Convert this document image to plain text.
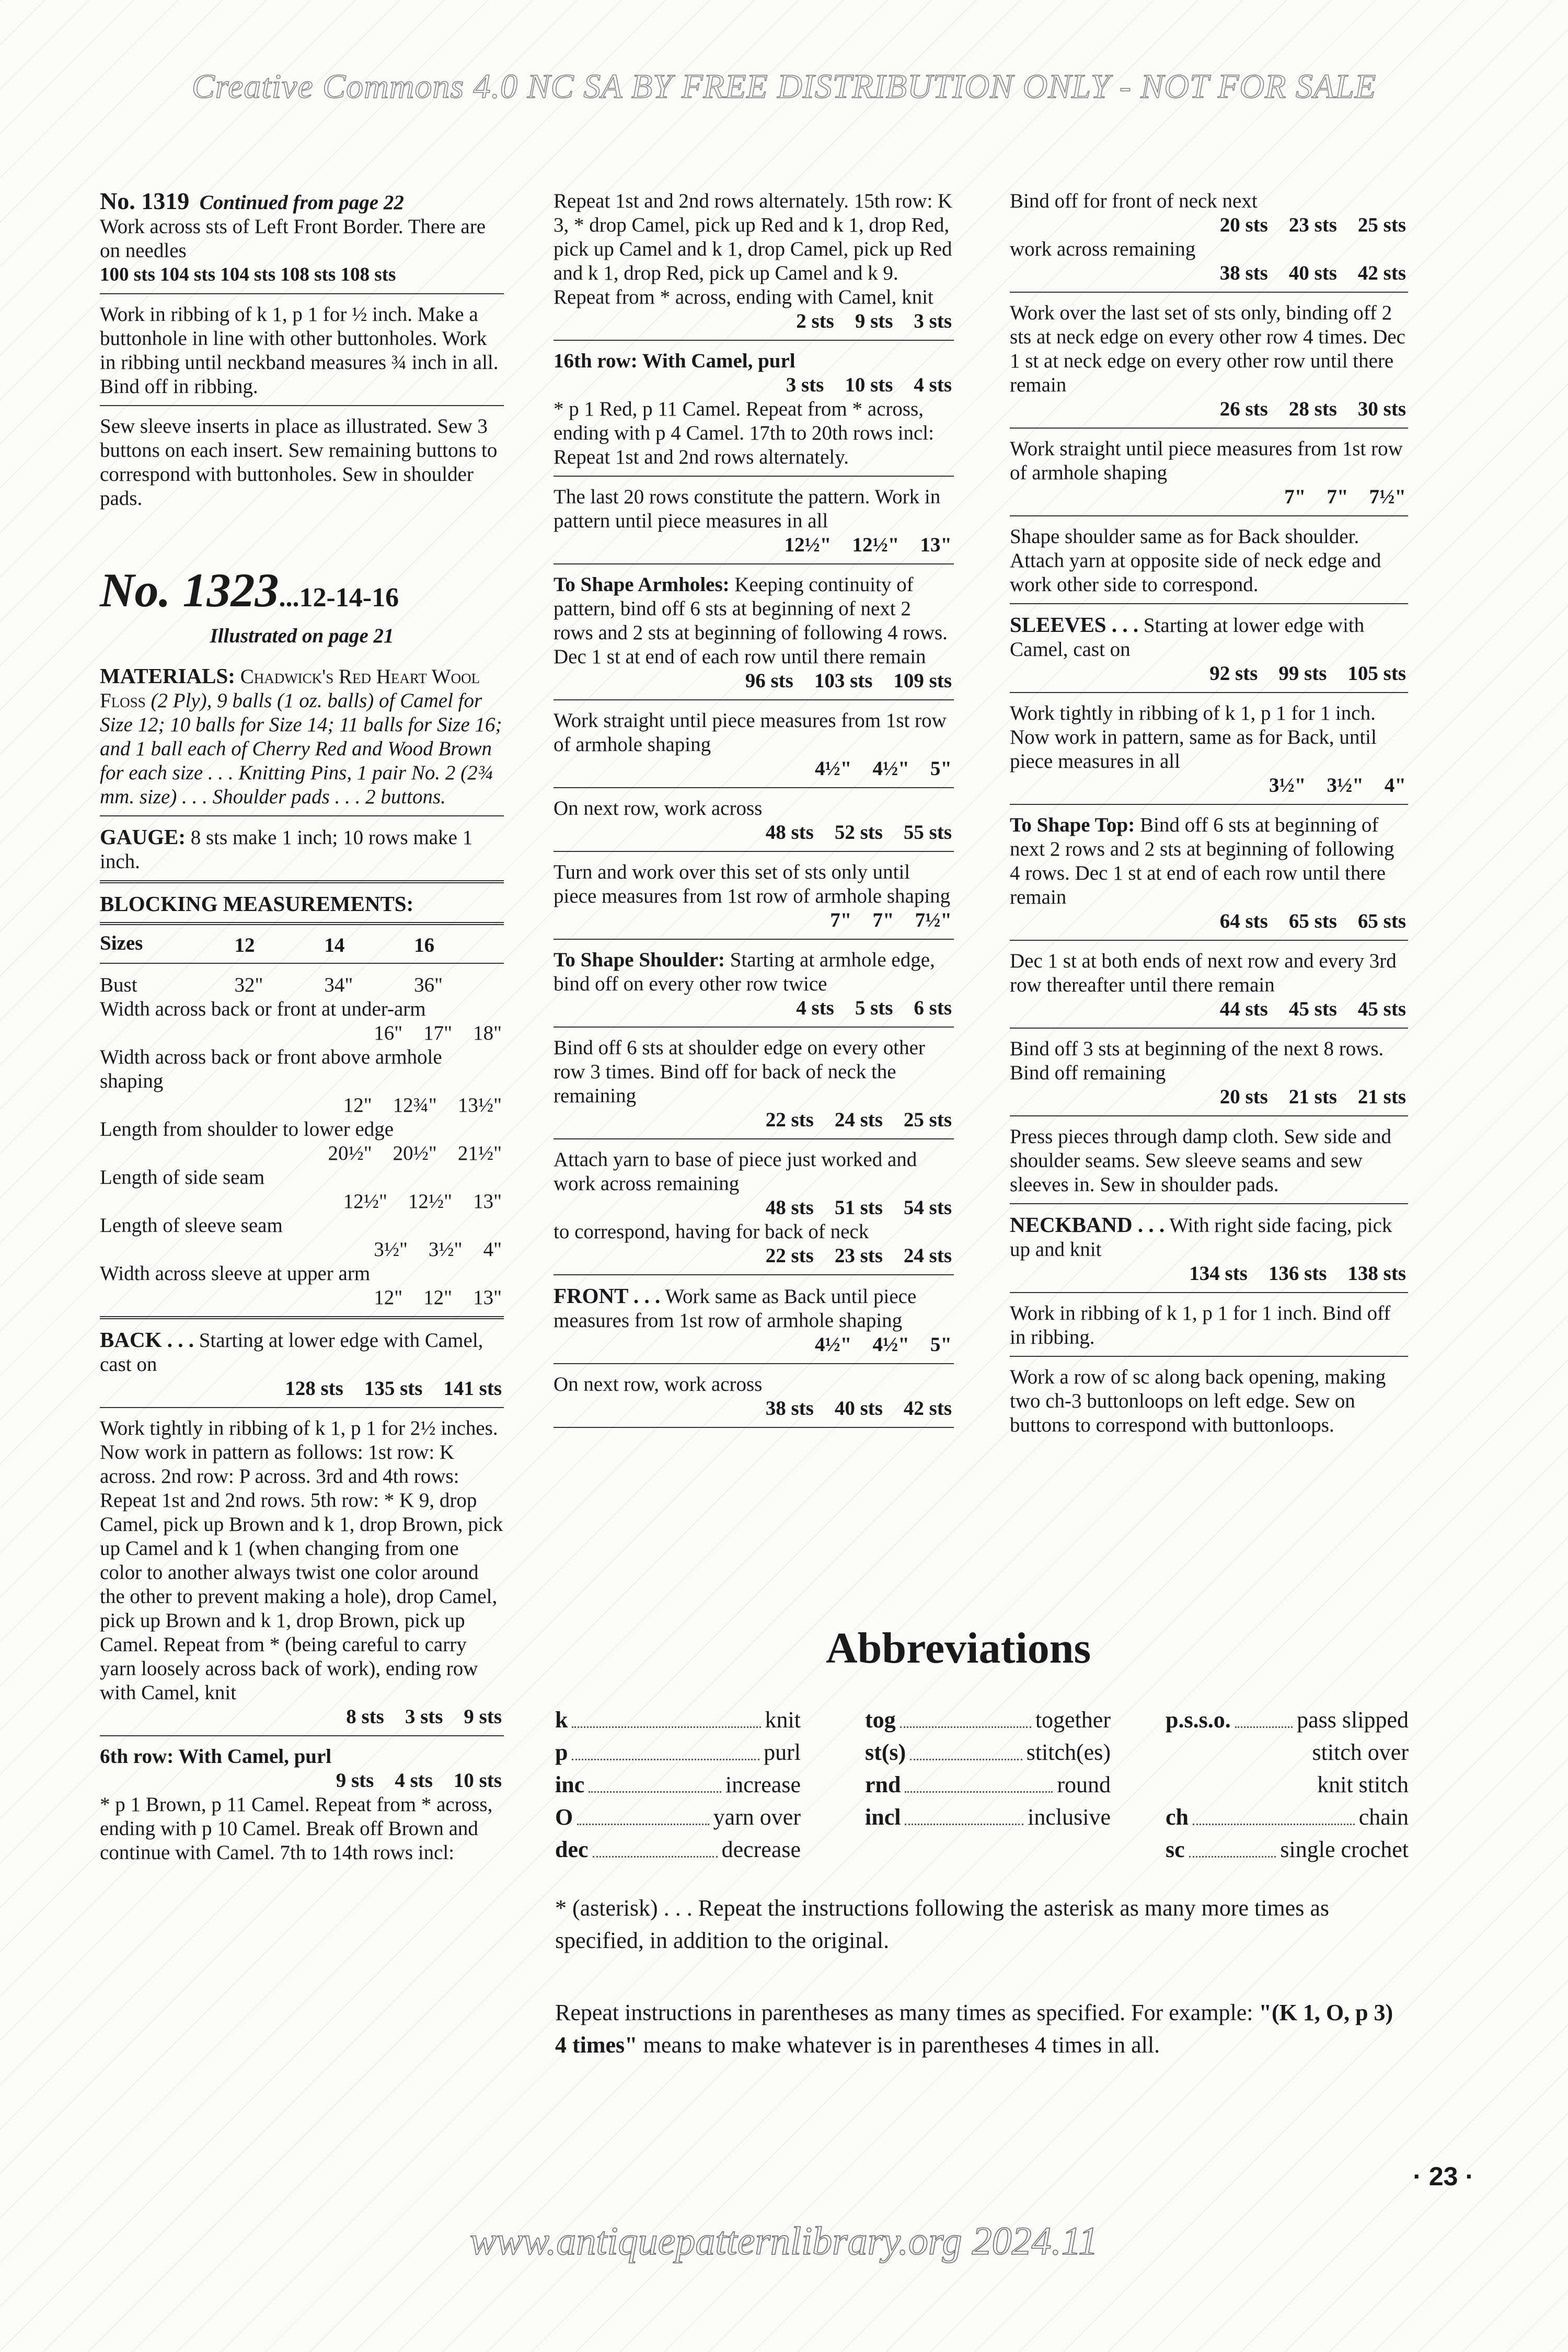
Creative Commons 4.0 NC SA BY FREE DISTRIBUTION ONLY - NOT FOR SALE
No. 1319 Continued from page 22
Work across sts of Left Front Border. There are on needles
100 sts 104 sts 104 sts 108 sts 108 sts
Work in ribbing of k 1, p 1 for ½ inch. Make a buttonhole in line with other buttonholes. Work in ribbing until neckband measures ¾ inch in all. Bind off in ribbing.
Sew sleeve inserts in place as illustrated. Sew 3 buttons on each insert. Sew remaining buttons to correspond with buttonholes. Sew in shoulder pads.
No. 1323...12-14-16
Illustrated on page 21
MATERIALS: Chadwick's Red Heart Wool Floss (2 Ply), 9 balls (1 oz. balls) of Camel for Size 12; 10 balls for Size 14; 11 balls for Size 16; and 1 ball each of Cherry Red and Wood Brown for each size . . . Knitting Pins, 1 pair No. 2 (2¾ mm. size) . . . Shoulder pads . . . 2 buttons.
GAUGE: 8 sts make 1 inch; 10 rows make 1 inch.
BLOCKING MEASUREMENTS:
Sizes	12	14	16
Bust	32"	34"	36"
Width across back or front at under-arm
16" 17" 18"
Width across back or front above armhole shaping
12" 12¾" 13½"
Length from shoulder to lower edge
20½" 20½" 21½"
Length of side seam
12½" 12½" 13"
Length of sleeve seam
3½" 3½" 4"
Width across sleeve at upper arm
12" 12" 13"
BACK . . . Starting at lower edge with Camel, cast on
128 sts 135 sts 141 sts
Work tightly in ribbing of k 1, p 1 for 2½ inches. Now work in pattern as follows: 1st row: K across. 2nd row: P across. 3rd and 4th rows: Repeat 1st and 2nd rows. 5th row: * K 9, drop Camel, pick up Brown and k 1, drop Brown, pick up Camel and k 1 (when changing from one color to another always twist one color around the other to prevent making a hole), drop Camel, pick up Brown and k 1, drop Brown, pick up Camel. Repeat from * (being careful to carry yarn loosely across back of work), ending row with Camel, knit
8 sts 3 sts 9 sts
6th row: With Camel, purl
9 sts 4 sts 10 sts
* p 1 Brown, p 11 Camel. Repeat from * across, ending with p 10 Camel. Break off Brown and continue with Camel. 7th to 14th rows incl:
Repeat 1st and 2nd rows alternately. 15th row: K 3, * drop Camel, pick up Red and k 1, drop Red, pick up Camel and k 1, drop Camel, pick up Red and k 1, drop Red, pick up Camel and k 9. Repeat from * across, ending with Camel, knit
2 sts 9 sts 3 sts
16th row: With Camel, purl
3 sts 10 sts 4 sts
* p 1 Red, p 11 Camel. Repeat from * across, ending with p 4 Camel. 17th to 20th rows incl: Repeat 1st and 2nd rows alternately.
The last 20 rows constitute the pattern. Work in pattern until piece measures in all
12½" 12½" 13"
To Shape Armholes: Keeping continuity of pattern, bind off 6 sts at beginning of next 2 rows and 2 sts at beginning of following 4 rows. Dec 1 st at end of each row until there remain
96 sts 103 sts 109 sts
Work straight until piece measures from 1st row of armhole shaping
4½" 4½" 5"
On next row, work across
48 sts 52 sts 55 sts
Turn and work over this set of sts only until piece measures from 1st row of armhole shaping
7" 7" 7½"
To Shape Shoulder: Starting at armhole edge, bind off on every other row twice
4 sts 5 sts 6 sts
Bind off 6 sts at shoulder edge on every other row 3 times. Bind off for back of neck the remaining
22 sts 24 sts 25 sts
Attach yarn to base of piece just worked and work across remaining
48 sts 51 sts 54 sts
to correspond, having for back of neck
22 sts 23 sts 24 sts
FRONT . . . Work same as Back until piece measures from 1st row of armhole shaping
4½" 4½" 5"
On next row, work across
38 sts 40 sts 42 sts
Bind off for front of neck next
20 sts 23 sts 25 sts
work across remaining
38 sts 40 sts 42 sts
Work over the last set of sts only, binding off 2 sts at neck edge on every other row 4 times. Dec 1 st at neck edge on every other row until there remain
26 sts 28 sts 30 sts
Work straight until piece measures from 1st row of armhole shaping
7" 7" 7½"
Shape shoulder same as for Back shoulder. Attach yarn at opposite side of neck edge and work other side to correspond.
SLEEVES . . . Starting at lower edge with Camel, cast on
92 sts 99 sts 105 sts
Work tightly in ribbing of k 1, p 1 for 1 inch. Now work in pattern, same as for Back, until piece measures in all
3½" 3½" 4"
To Shape Top: Bind off 6 sts at beginning of next 2 rows and 2 sts at beginning of following 4 rows. Dec 1 st at end of each row until there remain
64 sts 65 sts 65 sts
Dec 1 st at both ends of next row and every 3rd row thereafter until there remain
44 sts 45 sts 45 sts
Bind off 3 sts at beginning of the next 8 rows. Bind off remaining
20 sts 21 sts 21 sts
Press pieces through damp cloth. Sew side and shoulder seams. Sew sleeve seams and sew sleeves in. Sew in shoulder pads.
NECKBAND . . . With right side facing, pick up and knit
134 sts 136 sts 138 sts
Work in ribbing of k 1, p 1 for 1 inch. Bind off in ribbing.
Work a row of sc along back opening, making two ch-3 buttonloops on left edge. Sew on buttons to correspond with buttonloops.
Abbreviations
k	knit
p	purl
inc	increase
O	yarn over
dec	decrease
tog	together
st(s)	stitch(es)
rnd	round
incl	inclusive
p.s.s.o.	pass slipped
stitch over
knit stitch
ch	chain
sc	single crochet
* (asterisk) . . . Repeat the instructions following the asterisk as many more times as specified, in addition to the original.
Repeat instructions in parentheses as many times as specified. For example: "(K 1, O, p 3) 4 times" means to make whatever is in parentheses 4 times in all.
· 23 ·
www.antiquepatternlibrary.org 2024.11
